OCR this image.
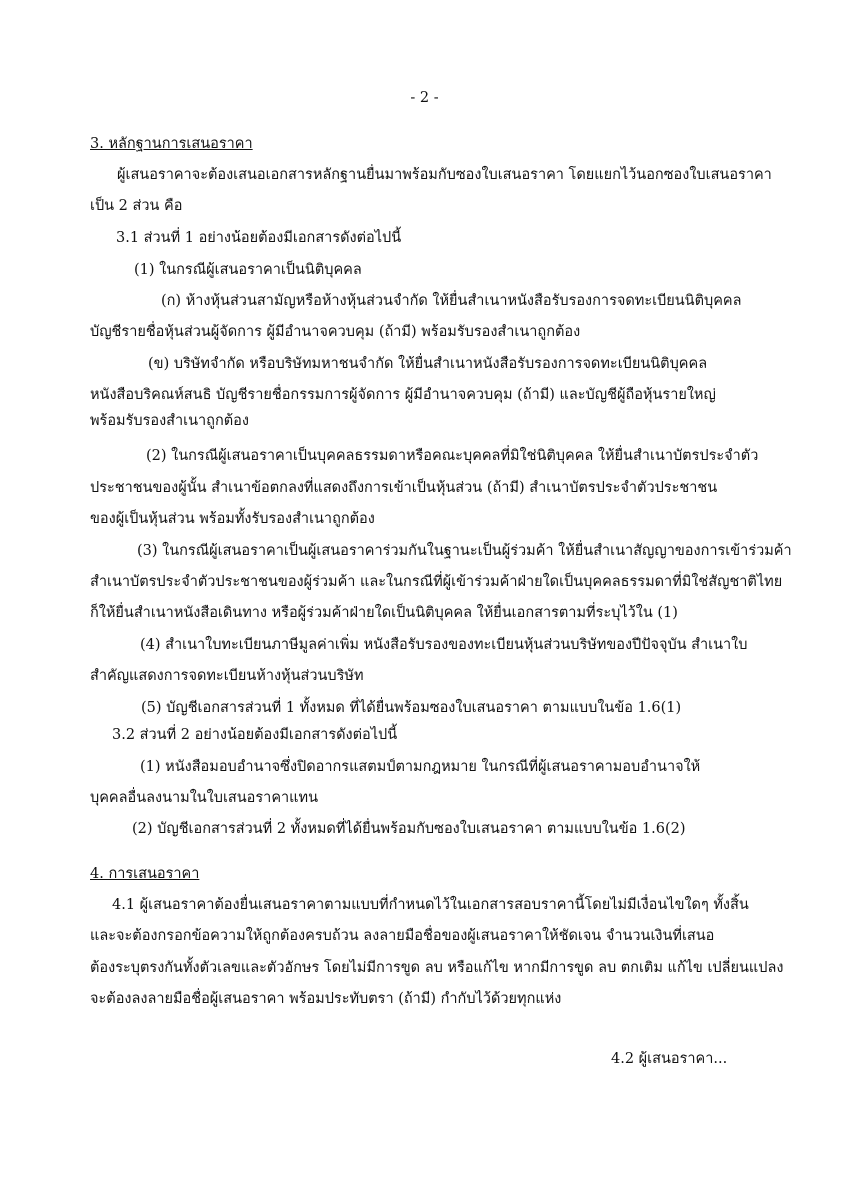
- 2 -
3. หลักฐานการเสนอราคา
ผู้เสนอราคาจะต้องเสนอเอกสารหลักฐานยื่นมาพร้อมกับซองใบเสนอราคา โดยแยกไว้นอกซองใบเสนอราคา
เป็น 2 ส่วน คือ
3.1 ส่วนที่ 1 อย่างน้อยต้องมีเอกสารดังต่อไปนี้
(1) ในกรณีผู้เสนอราคาเป็นนิติบุคคล
(ก) ห้างหุ้นส่วนสามัญหรือห้างหุ้นส่วนจำกัด ให้ยื่นสำเนาหนังสือรับรองการจดทะเบียนนิติบุคคล
บัญชีรายชื่อหุ้นส่วนผู้จัดการ ผู้มีอำนาจควบคุม (ถ้ามี) พร้อมรับรองสำเนาถูกต้อง
(ข) บริษัทจำกัด หรือบริษัทมหาชนจำกัด ให้ยื่นสำเนาหนังสือรับรองการจดทะเบียนนิติบุคคล
หนังสือบริคณห์สนธิ บัญชีรายชื่อกรรมการผู้จัดการ ผู้มีอำนาจควบคุม (ถ้ามี) และบัญชีผู้ถือหุ้นรายใหญ่
พร้อมรับรองสำเนาถูกต้อง
(2) ในกรณีผู้เสนอราคาเป็นบุคคลธรรมดาหรือคณะบุคคลที่มิใช่นิติบุคคล ให้ยื่นสำเนาบัตรประจำตัว
ประชาชนของผู้นั้น สำเนาข้อตกลงที่แสดงถึงการเข้าเป็นหุ้นส่วน (ถ้ามี) สำเนาบัตรประจำตัวประชาชน
ของผู้เป็นหุ้นส่วน พร้อมทั้งรับรองสำเนาถูกต้อง
(3) ในกรณีผู้เสนอราคาเป็นผู้เสนอราคาร่วมกันในฐานะเป็นผู้ร่วมค้า ให้ยื่นสำเนาสัญญาของการเข้าร่วมค้า
สำเนาบัตรประจำตัวประชาชนของผู้ร่วมค้า และในกรณีที่ผู้เข้าร่วมค้าฝ่ายใดเป็นบุคคลธรรมดาที่มิใช่สัญชาติไทย
ก็ให้ยื่นสำเนาหนังสือเดินทาง หรือผู้ร่วมค้าฝ่ายใดเป็นนิติบุคคล ให้ยื่นเอกสารตามที่ระบุไว้ใน (1)
(4) สำเนาใบทะเบียนภาษีมูลค่าเพิ่ม หนังสือรับรองของทะเบียนหุ้นส่วนบริษัทของปีปัจจุบัน สำเนาใบ
สำคัญแสดงการจดทะเบียนห้างหุ้นส่วนบริษัท
(5) บัญชีเอกสารส่วนที่ 1 ทั้งหมด ที่ได้ยื่นพร้อมซองใบเสนอราคา ตามแบบในข้อ 1.6(1)
3.2 ส่วนที่ 2 อย่างน้อยต้องมีเอกสารดังต่อไปนี้
(1) หนังสือมอบอำนาจซึ่งปิดอากรแสตมป์ตามกฎหมาย ในกรณีที่ผู้เสนอราคามอบอำนาจให้
บุคคลอื่นลงนามในใบเสนอราคาแทน
(2) บัญชีเอกสารส่วนที่ 2 ทั้งหมดที่ได้ยื่นพร้อมกับซองใบเสนอราคา ตามแบบในข้อ 1.6(2)
4. การเสนอราคา
4.1 ผู้เสนอราคาต้องยื่นเสนอราคาตามแบบที่กำหนดไว้ในเอกสารสอบราคานี้โดยไม่มีเงื่อนไขใดๆ ทั้งสิ้น
และจะต้องกรอกข้อความให้ถูกต้องครบถ้วน ลงลายมือชื่อของผู้เสนอราคาให้ชัดเจน จำนวนเงินที่เสนอ
ต้องระบุตรงกันทั้งตัวเลขและตัวอักษร โดยไม่มีการขูด ลบ หรือแก้ไข หากมีการขูด ลบ ตกเติม แก้ไข เปลี่ยนแปลง
จะต้องลงลายมือชื่อผู้เสนอราคา พร้อมประทับตรา (ถ้ามี) กำกับไว้ด้วยทุกแห่ง
4.2 ผู้เสนอราคา...
